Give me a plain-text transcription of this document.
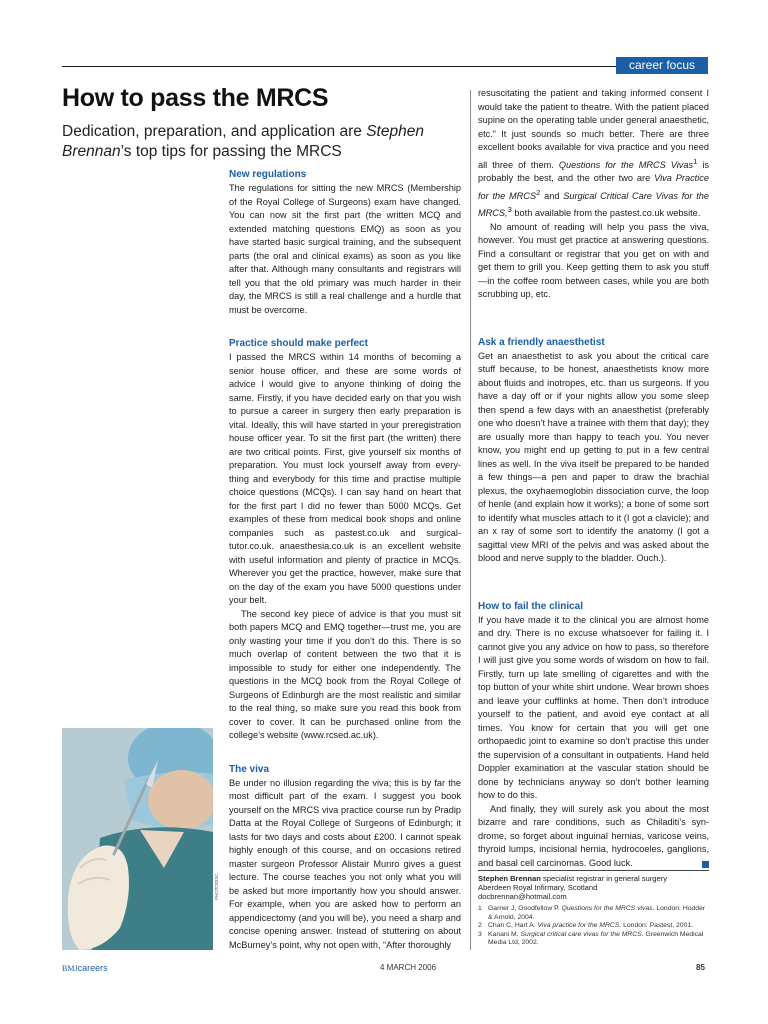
career focus
How to pass the MRCS

Dedication, preparation, and application are Stephen Brennan’s top tips for passing the MRCS

New regulations

The regulations for sitting the new MRCS (Membership of the Royal College of Surgeons) exam have changed. You can now sit the first part (the written MCQ and extended matching questions EMQ) as soon as you have started basic surgical training, and the subsequent parts (the oral and clinical exams) as soon as you like after that. Although many consultants and registrars will tell you that the old primary was much harder in their day, the MRCS is still a real challenge and a hurdle that must be overcome.

Practice should make perfect

I passed the MRCS within 14 months of becoming a senior house officer, and these are some words of advice I would give to anyone thinking of doing the same. Firstly, if you have decided early on that you wish to pursue a career in surgery then early preparation is vital. Ideally, this will have started in your preregistration house officer year. To sit the first part (the written) there are two critical points. First, give yourself six months of preparation. You must lock yourself away from every-thing and everybody for this time and practise multiple choice questions (MCQs). I can say hand on heart that for the first part I did no fewer than 5000 MCQs. Get examples of these from medical book shops and online companies such as pastest.co.uk and surgical-tutor.co.uk. anaesthesia.co.uk is an excellent website with useful information and plenty of practice in MCQs. Wherever you get the practice, however, make sure that on the day of the exam you have 5000 questions under your belt.

The second key piece of advice is that you must sit both papers MCQ and EMQ together—trust me, you are only wasting your time if you don’t do this. There is so much overlap of content between the two that it is impossible to study for either one independently. The questions in the MCQ book from the Royal College of Surgeons of Edinburgh are the most realistic and similar to the real thing, so make sure you read this book from cover to cover. It can be purchased online from the college’s website (www.rcsed.ac.uk).

The viva

Be under no illusion regarding the viva; this is by far the most difficult part of the exam. I suggest you book yourself on the MRCS viva practice course run by Pradip Datta at the Royal College of Surgeons of Edinburgh; it lasts for two days and costs about £200. I cannot speak highly enough of this course, and on occasions retired master surgeon Professor Alistair Munro gives a guest lecture. The course teaches you not only what you will be asked but more importantly how you should answer. For example, when you are asked how to perform an appendicectomy (and you will be), you need a sharp and concise opening answer. Instead of stuttering on about McBurney’s point, why not open with, “After thoroughly

resuscitating the patient and taking informed consent I would take the patient to theatre. With the patient placed supine on the operating table under general anaesthetic, etc.” It just sounds so much better. There are three excellent books available for viva practice and you need all three of them. Questions for the MRCS Vivas$^1$ is probably the best, and the other two are Viva Practice for the MRCS$^2$ and Surgical Critical Care Vivas for the MRCS,$^3$ both available from the pastest.co.uk website.

No amount of reading will help you pass the viva, however. You must get practice at answering questions. Find a consultant or registrar that you get on with and get them to grill you. Keep getting them to ask you stuff—in the coffee room between cases, while you are both scrubbing up, etc.

Ask a friendly anaesthetist

Get an anaesthetist to ask you about the critical care stuff because, to be honest, anaesthetists know more about fluids and inotropes, etc. than us surgeons. If you have a day off or if your nights allow you some sleep then spend a few days with an anaesthetist (preferably one who doesn’t have a trainee with them that day); they are usually more than happy to teach you. You never know, you might end up getting to put in a few central lines as well. In the viva itself be prepared to be handed a few things—a pen and paper to draw the brachial plexus, the oxyhaemoglobin dissociation curve, the loop of henle (and explain how it works); a bone of some sort to identify what muscles attach to it (I got a clavicle); and an x ray of some sort to identify the anatomy (I got a sagittal view MRI of the pelvis and was asked about the blood and nerve supply to the bladder. Ouch.).

How to fail the clinical

If you have made it to the clinical you are almost home and dry. There is no excuse whatsoever for failing it. I cannot give you any advice on how to pass, so therefore I will just give you some words of wisdom on how to fail. Firstly, turn up late smelling of cigarettes and with the top button of your white shirt undone. Wear brown shoes and leave your cufflinks at home. Then don’t introduce yourself to the patient, and avoid eye contact at all times. You know for certain that you will get one orthopaedic joint to examine so don’t practise this under the supervision of a consultant in outpatients. Hand held Doppler examination at the vascular station should be done by technicians anyway so don’t bother learning how to do this.

And finally, they will surely ask you about the most bizarre and rare conditions, such as Chiladiti’s syn-drome, so forget about inguinal hernias, varicose veins, thyroid lumps, incisional hernia, hydrocoeles, ganglions, and basal cell carcinomas. Good luck.

PHOTODISC	Stephen Brennan specialist registrar in general surgery
Aberdeen Royal Infirmary, Scotland
docbrennan@hotmail.com
1 Garner J, Goodfellow P. Questions for the MRCS vivas. London: Hodder & Arnold, 2004.
2 Chan C, Hart A. Viva practice for the MRCS. London: Pastest, 2001.
3 Kanani M. Surgical critical care vivas for the MRCS. Greenwich Medical Media Ltd, 2002.
BMJcareers	4 MARCH 2006	85
